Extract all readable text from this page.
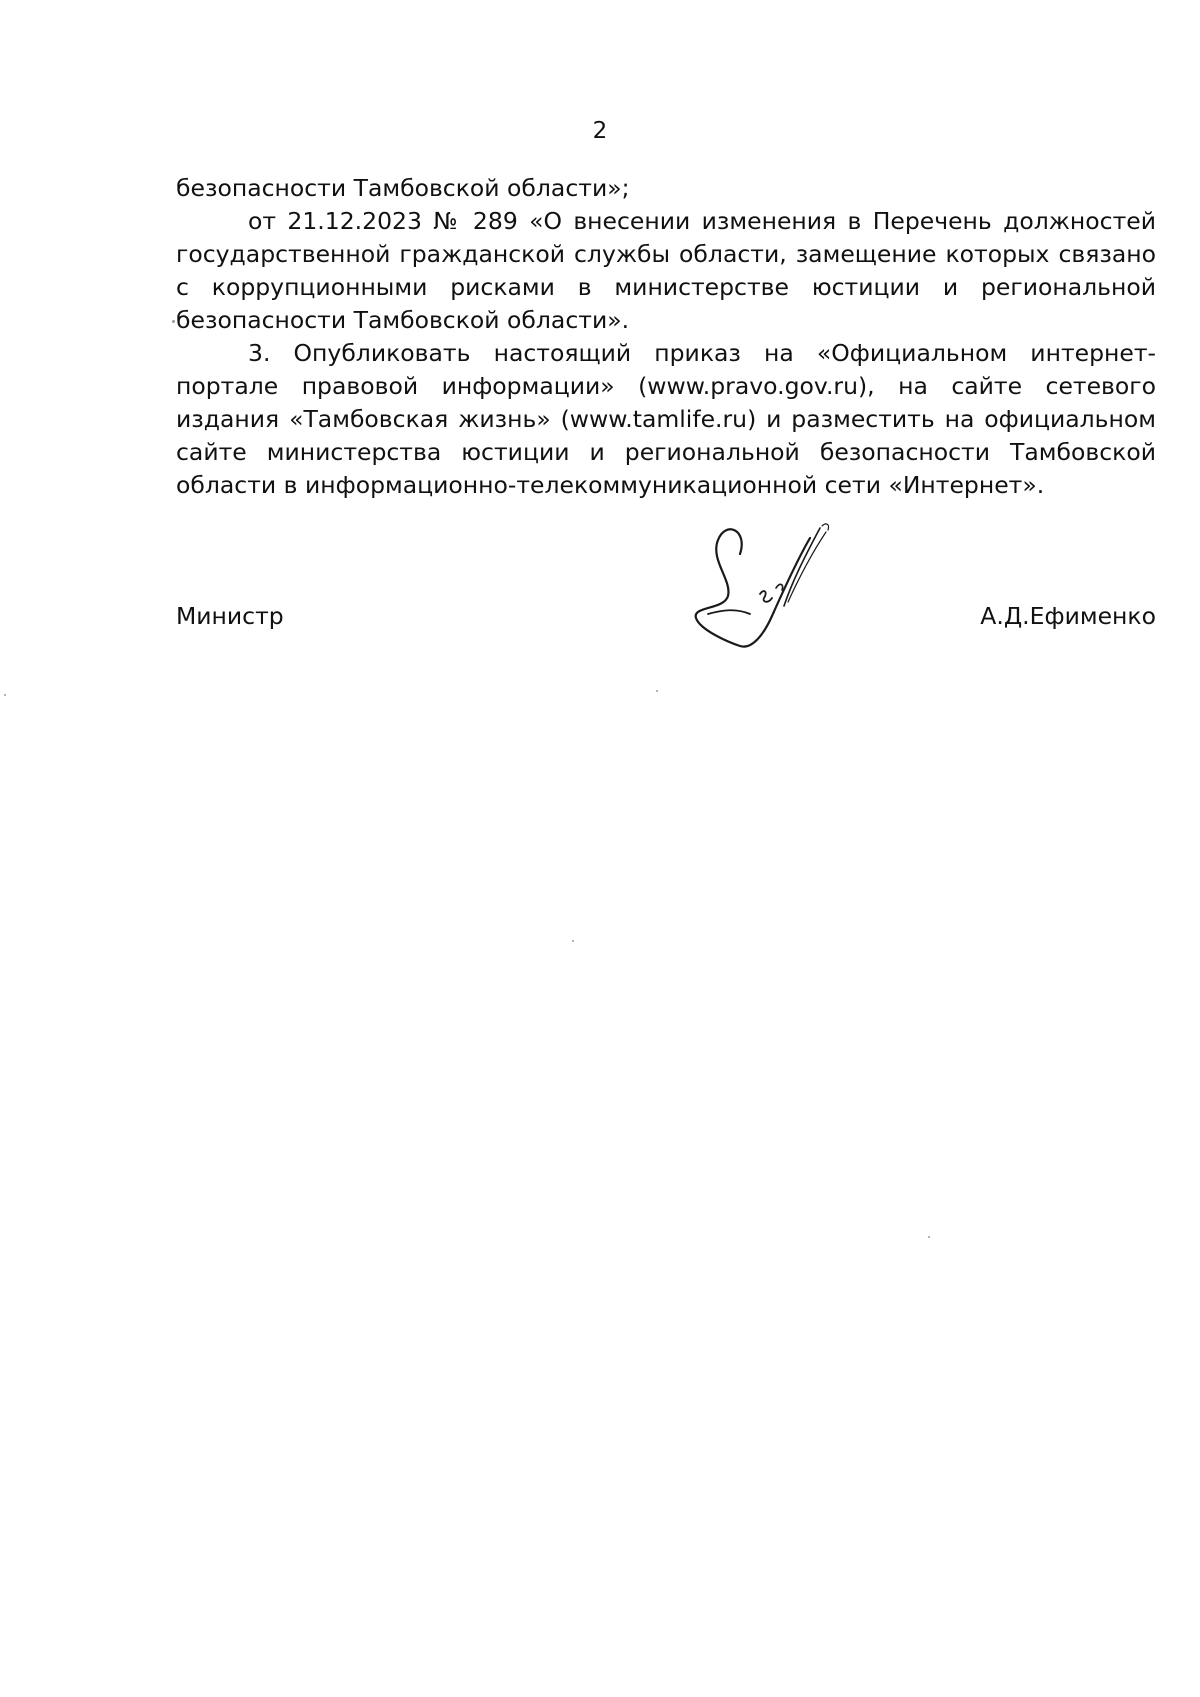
2

безопасности Тамбовской области»;

от 21.12.2023 № 289 «О внесении изменения в Перечень должностей государственной гражданской службы области, замещение которых связано с коррупционными рисками в министерстве юстиции и региональной безопасности Тамбовской области».

3. Опубликовать настоящий приказ на «Официальном интернет-портале правовой информации» (www.pravo.gov.ru), на сайте сетевого издания «Тамбовская жизнь» (www.tamlife.ru) и разместить на официальном сайте министерства юстиции и региональной безопасности Тамбовской области в информационно-телекоммуникационной сети «Интернет».

Министр	А.Д.Ефименко
